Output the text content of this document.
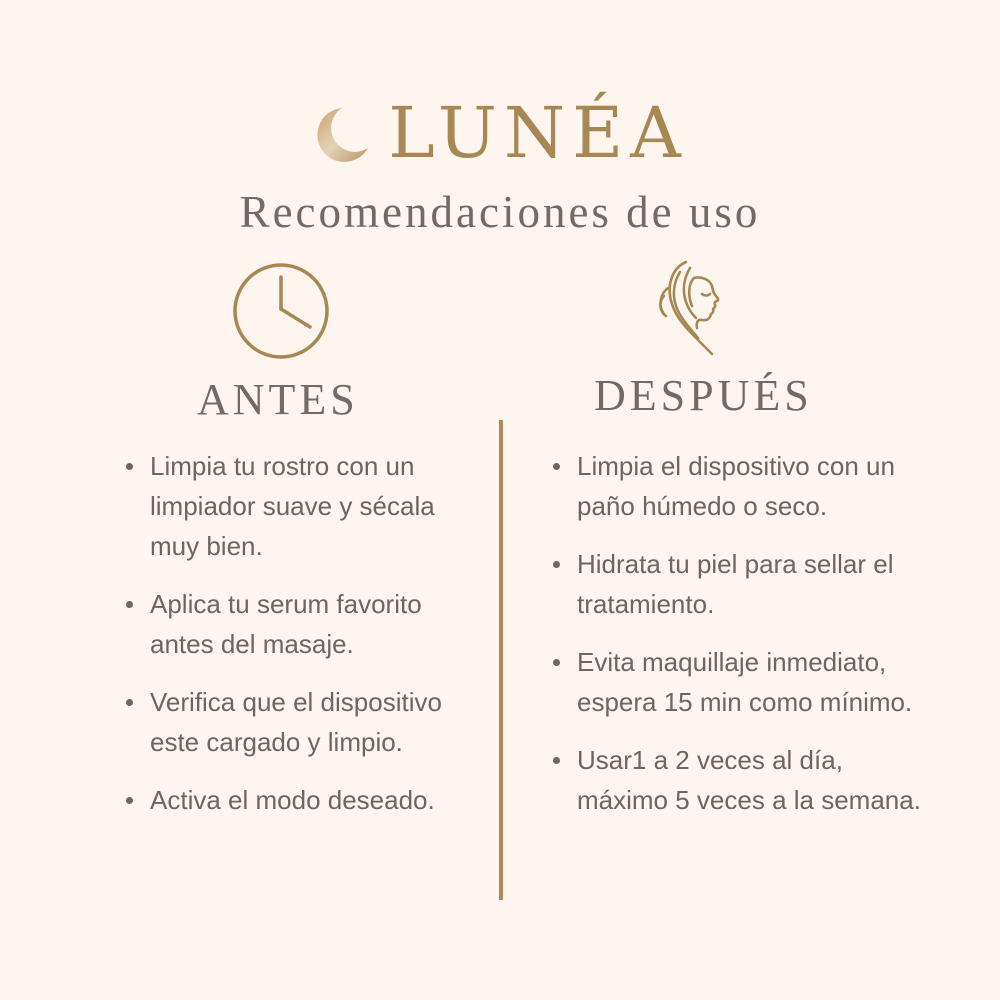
LUNÉA
Recomendaciones de uso
ANTES	DESPUÉS
Limpia tu rostro con un limpiador suave y sécala muy bien.
Aplica tu serum favorito antes del masaje.
Verifica que el dispositivo este cargado y limpio.
Activa el modo deseado.
Limpia el dispositivo con un paño húmedo o seco.
Hidrata tu piel para sellar el tratamiento.
Evita maquillaje inmediato, espera 15 min como mínimo.
Usar1 a 2 veces al día, máximo 5 veces a la semana.
